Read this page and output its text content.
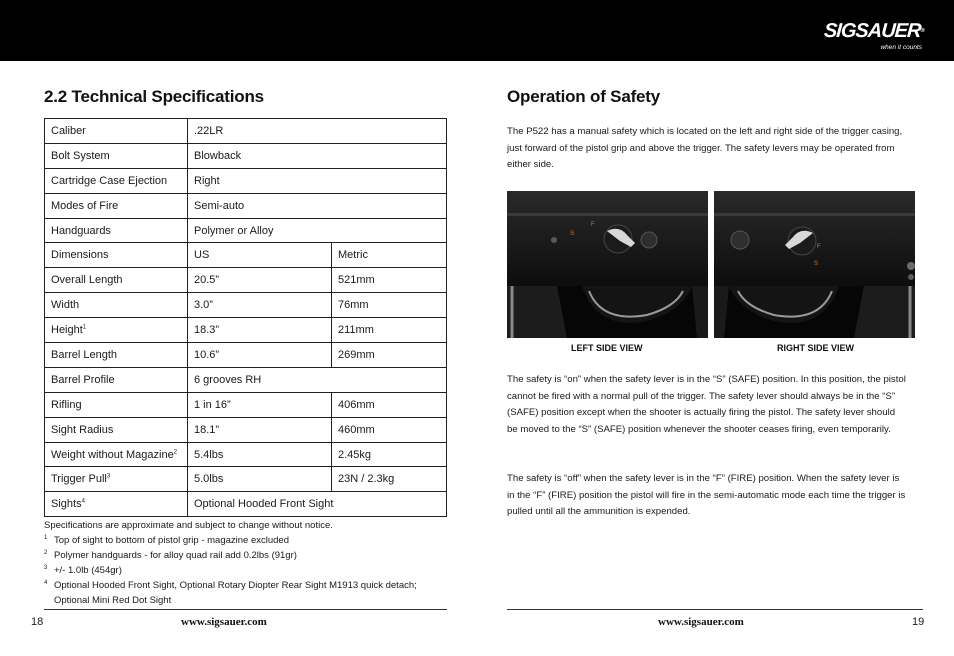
SIGSAUER®
when it counts
2.2 Technical Specifications
Caliber	.22LR	
Bolt System	Blowback	
Cartridge Case Ejection	Right	
Modes of Fire	Semi-auto	
Handguards	Polymer or Alloy	
Dimensions	US	Metric
Overall Length	20.5”	521mm
Width	3.0”	76mm
Height$^1$	18.3”	211mm
Barrel Length	10.6”	269mm
Barrel Profile	6 grooves RH	
Rifling	1 in 16”	406mm
Sight Radius	18.1”	460mm
Weight without Magazine$^2$	5.4lbs	2.45kg
Trigger Pull$^3$	5.0lbs	23N / 2.3kg
Sights$^4$	Optional Hooded Front Sight	
Specifications are approximate and subject to change without notice.
1 Top of sight to bottom of pistol grip - magazine excluded
2 Polymer handguards - for alloy quad rail add 0.2lbs (91gr)
3 +/- 1.0lb (454gr)
4 Optional Hooded Front Sight, Optional Rotary Diopter Rear Sight M1913 quick detach; Optional Mini Red Dot Sight
18	www.sigsauer.com
Operation of Safety
The P522 has a manual safety which is located on the left and right side of the trigger casing, just forward of the pistol grip and above the trigger. The safety levers may be operated from either side.
S
F
F
S
LEFT SIDE VIEW	RIGHT SIDE VIEW
The safety is “on” when the safety lever is in the “S” (SAFE) position. In this position, the pistol cannot be fired with a normal pull of the trigger. The safety lever should always be in the “S” (SAFE) position except when the shooter is actually firing the pistol. The safety lever should be moved to the “S” (SAFE) position whenever the shooter ceases firing, even temporarily.
The safety is “off” when the safety lever is in the “F” (FIRE) position. When the safety lever is in the “F” (FIRE) position the pistol will fire in the semi-automatic mode each time the trigger is pulled until all the ammunition is expended.
www.sigsauer.com	19
